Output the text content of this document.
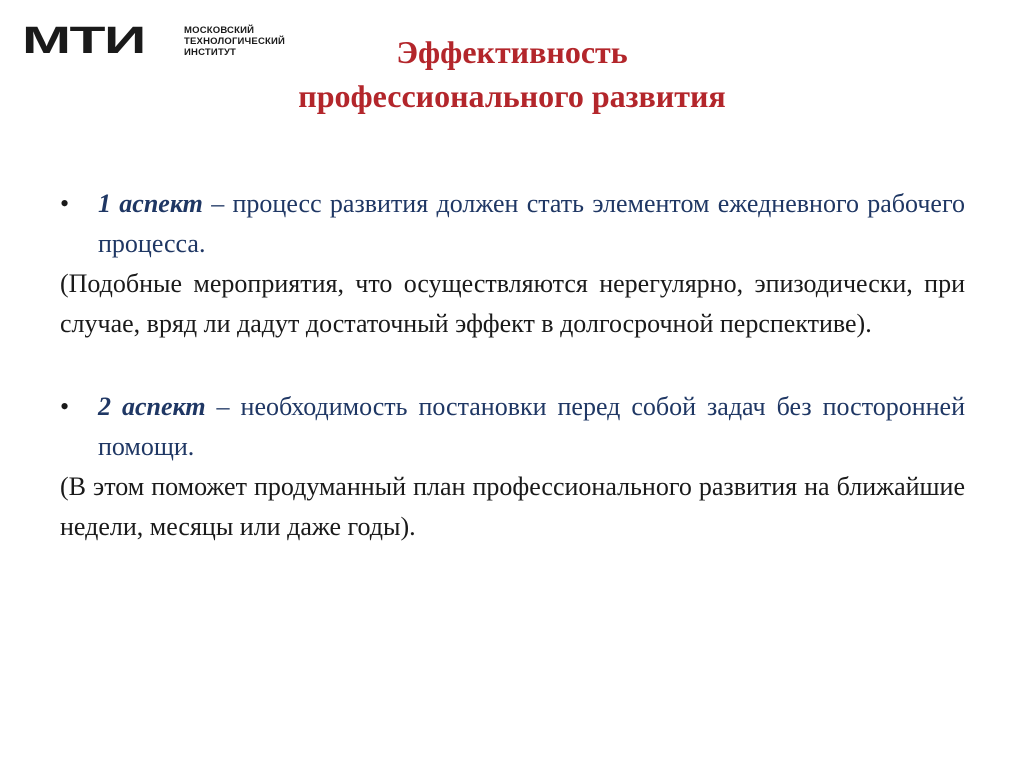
МТИ	МОСКОВСКИЙ
ТЕХНОЛОГИЧЕСКИЙ
ИНСТИТУТ	Эффективность
профессионального развития
• 1 аспект – процесс развития должен стать элементом ежедневного рабочего процесса.
(Подобные мероприятия, что осуществляются нерегулярно, эпизодически, при случае, вряд ли дадут достаточный эффект в долгосрочной перспективе).
• 2 аспект – необходимость постановки перед собой задач без посторонней помощи.
(В этом поможет продуманный план профессионального развития на ближайшие недели, месяцы или даже годы).
